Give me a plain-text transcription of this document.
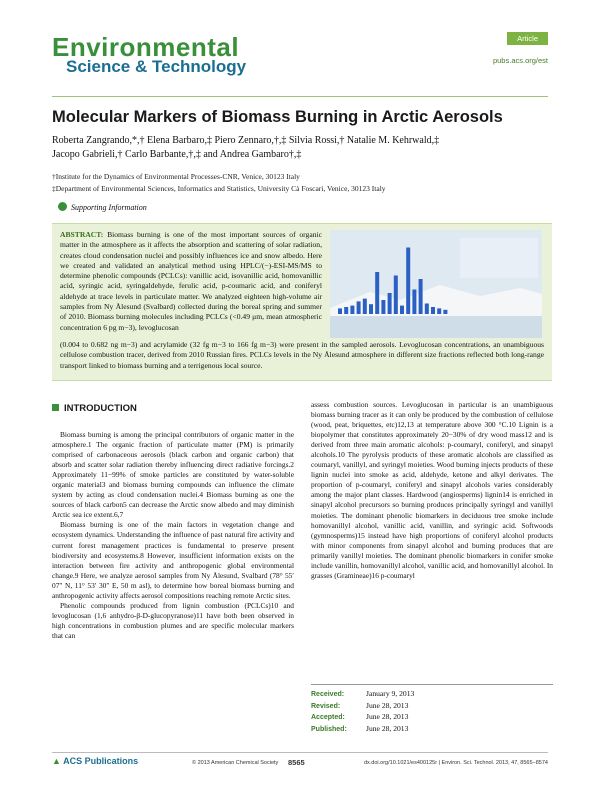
Environmental
Science & Technology
Article
pubs.acs.org/est
Molecular Markers of Biomass Burning in Arctic Aerosols
Roberta Zangrando,*,† Elena Barbaro,‡ Piero Zennaro,†,‡ Silvia Rossi,† Natalie M. Kehrwald,‡
Jacopo Gabrieli,† Carlo Barbante,†,‡ and Andrea Gambaro†,‡
†Institute for the Dynamics of Environmental Processes-CNR, Venice, 30123 Italy
‡Department of Environmental Sciences, Informatics and Statistics, University Cà Foscari, Venice, 30123 Italy
Supporting Information
ABSTRACT: Biomass burning is one of the most important sources of organic matter in the atmosphere as it affects the absorption and scattering of solar radiation, creates cloud condensation nuclei and possibly influences ice and snow albedo. Here we created and validated an analytical method using HPLC/(−)-ESI-MS/MS to determine phenolic compounds (PCLCs): vanillic acid, isovanillic acid, homovanillic acid, syringic acid, syringaldehyde, ferulic acid, p-coumaric acid, and coniferyl aldehyde at trace levels in particulate matter. We analyzed eighteen high-volume air samples from Ny Ålesund (Svalbard) collected during the boreal spring and summer of 2010. Biomass burning molecules including PCLCs (<0.49 μm, mean atmospheric concentration 6 pg m−3), levoglucosan
(0.004 to 0.682 ng m−3) and acrylamide (32 fg m−3 to 166 fg m−3) were present in the sampled aerosols. Levoglucosan concentrations, an unambiguous cellulose combustion tracer, derived from 2010 Russian fires. PCLCs levels in the Ny Ålesund atmosphere in different size fractions reflected both long-range transport linked to biomass burning and a terrigenous local source.
INTRODUCTION

Biomass burning is among the principal contributors of organic matter in the atmosphere.1 The organic fraction of particulate matter (PM) is primarily comprised of carbonaceous aerosols (black carbon and organic carbon) that absorb and scatter solar radiation thereby influencing direct radiative forcings.2 Approximately 11−99% of smoke particles are constituted by water-soluble organic material3 and biomass burning compounds can influence the climate system by acting as cloud condensation nuclei.4 Biomass burning as one the sources of black carbon5 can decrease the Arctic snow albedo and may diminish Arctic sea ice extent.6,7

Biomass burning is one of the main factors in vegetation change and ecosystem dynamics. Understanding the influence of past natural fire activity and current forest management practices is fundamental to preserve present biodiversity and ecosystems.8 However, insufficient information exists on the interaction between fire activity and anthropogenic global environmental change.9 Here, we analyze aerosol samples from Ny Ålesund, Svalbard (78° 55′ 07″ N, 11° 53′ 30″ E, 50 m asl), to determine how boreal biomass burning and anthropogenic activity affects aerosol compositions reaching remote Arctic sites.

Phenolic compounds produced from lignin combustion (PCLCs)10 and levoglucosan (1,6 anhydro-β-D-glucopyranose)11 have both been observed in high concentrations in combustion plumes and are specific molecular markers that can

assess combustion sources. Levoglucosan in particular is an unambiguous biomass burning tracer as it can only be produced by the combustion of cellulose (wood, peat, briquettes, etc)12,13 at temperature above 300 °C.10 Lignin is a biopolymer that constitutes approximately 20−30% of dry wood mass12 and is derived from three main aromatic alcohols: p-coumaryl, coniferyl, and sinapyl alcohols.10 The pyrolysis products of these aromatic alcohols are classified as coumaryl, vanillyl, and syringyl moieties. Wood burning injects products of these lignin nuclei into smoke as acid, aldehyde, ketone and alkyl derivates. The proportion of p-coumaryl, coniferyl and sinapyl alcohols varies considerably among the major plant classes. Hardwood (angiosperms) lignin14 is enriched in sinapyl alcohol precursors so burning produces principally syringyl and vanillyl moieties. The dominant phenolic biomarkers in deciduous tree smoke include homovanillyl alcohol, vanillic acid, vanillin, and syringic acid. Softwoods (gymnosperms)15 instead have high proportions of coniferyl alcohol products with minor components from sinapyl alcohol and burning produces that are primarily vanillyl moieties. The dominant phenolic biomarkers in conifer smoke include vanillin, homovanillyl alcohol, vanillic acid, and homovanillyl alcohol. In grasses (Gramineae)16 p-coumaryl

Received:	January 9, 2013
Revised:	June 28, 2013
Accepted:	June 28, 2013
Published:	June 28, 2013
▲ ACS Publications	© 2013 American Chemical Society 8565	dx.doi.org/10.1021/es400125r | Environ. Sci. Technol. 2013, 47, 8565−8574
